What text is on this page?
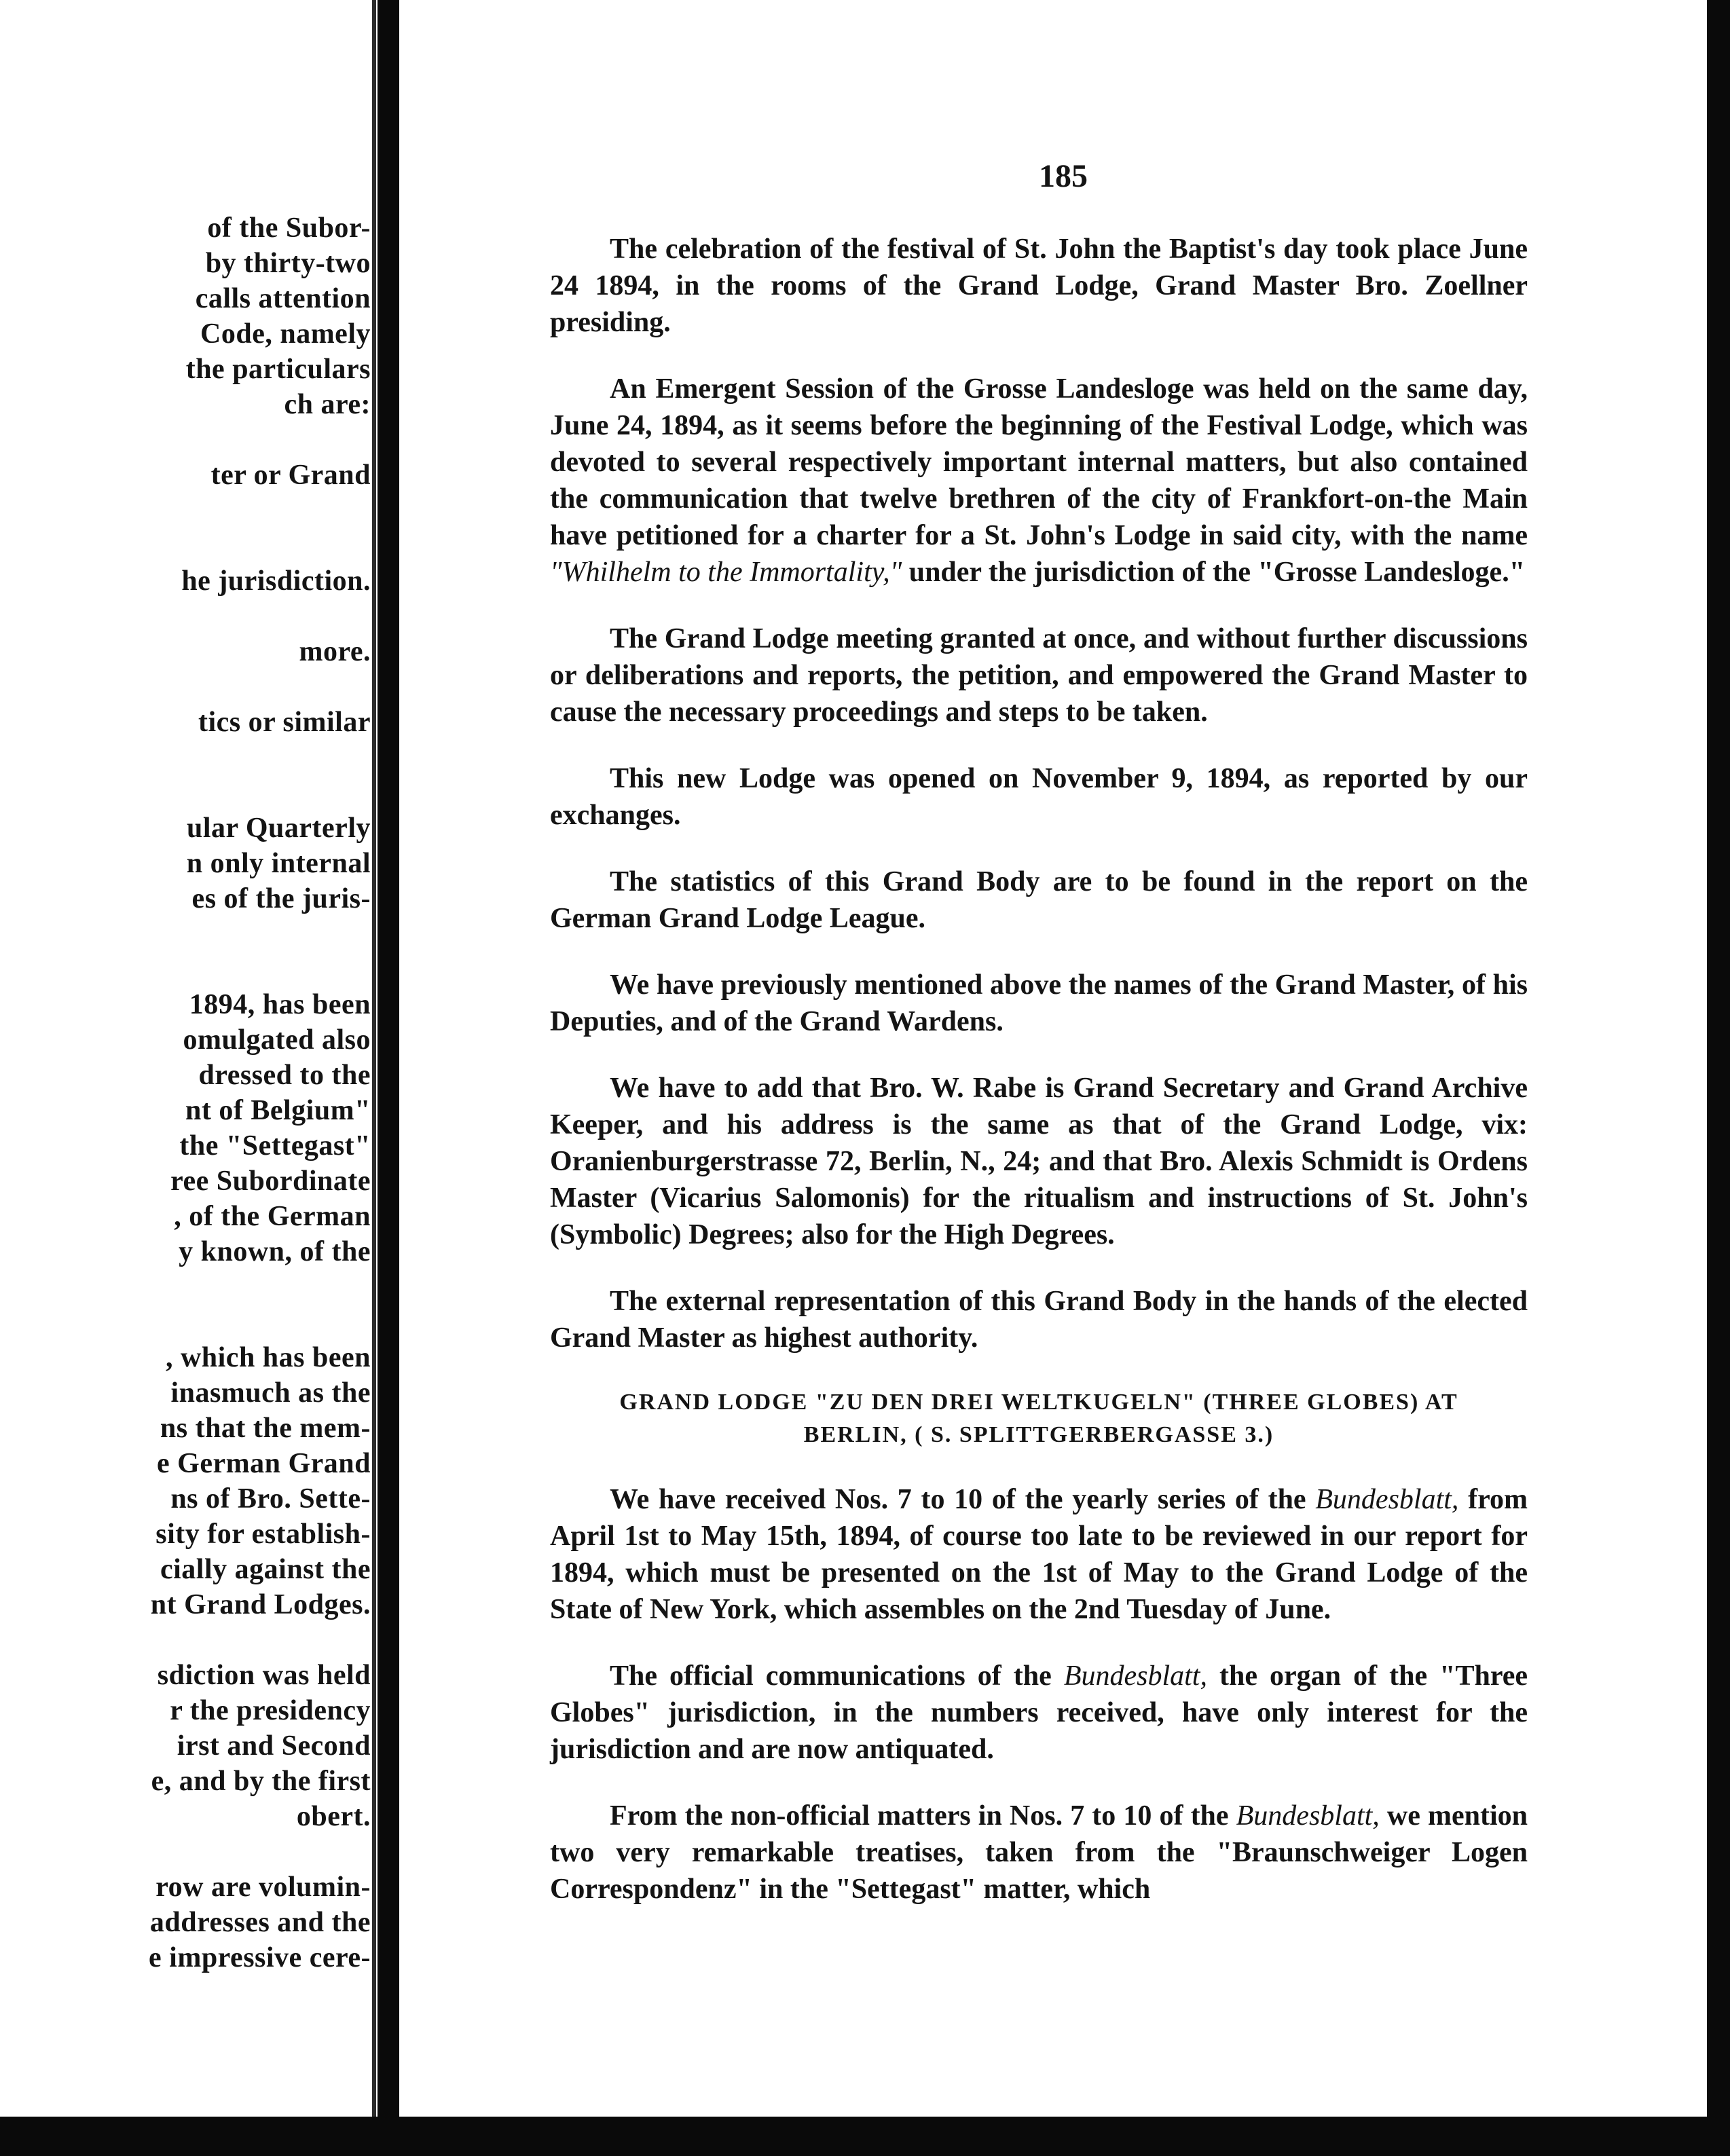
of the Subor-
by thirty-two
calls attention
Code, namely
the particulars
ch are:

ter or Grand

he jurisdiction.

more.

tics or similar

ular Quarterly
n only internal
es of the juris-

1894, has been
omulgated also
dressed to the
nt of Belgium"
the "Settegast"
ree Subordinate
, of the German
y known, of the

, which has been
inasmuch as the
ns that the mem-
e German Grand
ns of Bro. Sette-
sity for establish-
cially against the
nt Grand Lodges.

sdiction was held
r the presidency
irst and Second
e, and by the first
obert.

row are volumin-
addresses and the
e impressive cere-
185

The celebration of the festival of St. John the Baptist's day took place June 24 1894, in the rooms of the Grand Lodge, Grand Master Bro. Zoellner presiding.

An Emergent Session of the Grosse Landesloge was held on the same day, June 24, 1894, as it seems before the beginning of the Festival Lodge, which was devoted to several respectively important internal matters, but also contained the communication that twelve brethren of the city of Frankfort-on-the Main have petitioned for a charter for a St. John's Lodge in said city, with the name "Whilhelm to the Immortality," under the jurisdiction of the "Grosse Landesloge."

The Grand Lodge meeting granted at once, and without further discussions or deliberations and reports, the petition, and empowered the Grand Master to cause the necessary proceedings and steps to be taken.

This new Lodge was opened on November 9, 1894, as reported by our exchanges.

The statistics of this Grand Body are to be found in the report on the German Grand Lodge League.

We have previously mentioned above the names of the Grand Master, of his Deputies, and of the Grand Wardens.

We have to add that Bro. W. Rabe is Grand Secretary and Grand Archive Keeper, and his address is the same as that of the Grand Lodge, vix: Oranienburgerstrasse 72, Berlin, N., 24; and that Bro. Alexis Schmidt is Ordens Master (Vicarius Salomonis) for the ritualism and instructions of St. John's (Symbolic) Degrees; also for the High Degrees.

The external representation of this Grand Body in the hands of the elected Grand Master as highest authority.

GRAND LODGE "ZU DEN DREI WELTKUGELN" (THREE GLOBES) AT
BERLIN, ( S. SPLITTGERBERGASSE 3.)

We have received Nos. 7 to 10 of the yearly series of the Bundesblatt, from April 1st to May 15th, 1894, of course too late to be reviewed in our report for 1894, which must be presented on the 1st of May to the Grand Lodge of the State of New York, which assembles on the 2nd Tuesday of June.

The official communications of the Bundesblatt, the organ of the "Three Globes" jurisdiction, in the numbers received, have only interest for the jurisdiction and are now antiquated.

From the non-official matters in Nos. 7 to 10 of the Bundesblatt, we mention two very remarkable treatises, taken from the "Braunschweiger Logen Correspondenz" in the "Settegast" matter, which
